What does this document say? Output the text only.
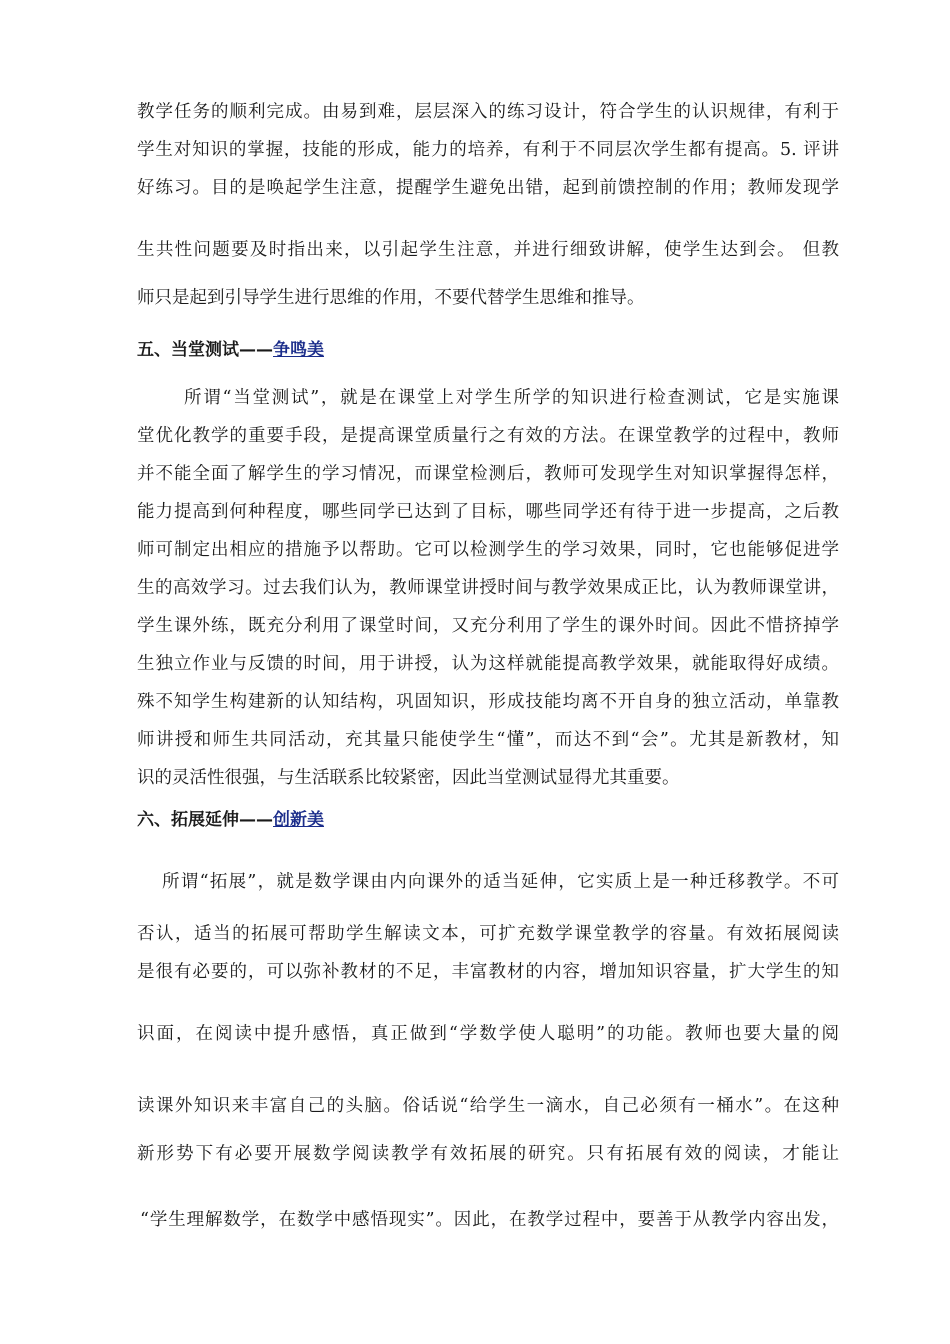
教学任务的顺利完成。由易到难，层层深入的练习设计，符合学生的认识规律，有利于
学生对知识的掌握，技能的形成，能力的培养，有利于不同层次学生都有提高。5. 评讲
好练习。目的是唤起学生注意，提醒学生避免出错，起到前馈控制的作用；教师发现学
生共性问题要及时指出来，以引起学生注意，并进行细致讲解，使学生达到会。 但教
师只是起到引导学生进行思维的作用，不要代替学生思维和推导。
五、当堂测试——争鸣美
所谓“当堂测试”，就是在课堂上对学生所学的知识进行检查测试，它是实施课
堂优化教学的重要手段，是提高课堂质量行之有效的方法。在课堂教学的过程中，教师
并不能全面了解学生的学习情况，而课堂检测后，教师可发现学生对知识掌握得怎样，
能力提高到何种程度，哪些同学已达到了目标，哪些同学还有待于进一步提高，之后教
师可制定出相应的措施予以帮助。它可以检测学生的学习效果，同时，它也能够促进学
生的高效学习。过去我们认为，教师课堂讲授时间与教学效果成正比，认为教师课堂讲，
学生课外练，既充分利用了课堂时间，又充分利用了学生的课外时间。因此不惜挤掉学
生独立作业与反馈的时间，用于讲授，认为这样就能提高教学效果，就能取得好成绩。
殊不知学生构建新的认知结构，巩固知识，形成技能均离不开自身的独立活动，单靠教
师讲授和师生共同活动，充其量只能使学生“懂”，而达不到“会”。尤其是新教材，知
识的灵活性很强，与生活联系比较紧密，因此当堂测试显得尤其重要。
六、拓展延伸——创新美
所谓“拓展”，就是数学课由内向课外的适当延伸，它实质上是一种迁移教学。不可
否认，适当的拓展可帮助学生解读文本，可扩充数学课堂教学的容量。有效拓展阅读
是很有必要的，可以弥补教材的不足，丰富教材的内容，增加知识容量，扩大学生的知
识面，在阅读中提升感悟，真正做到“学数学使人聪明”的功能。教师也要大量的阅
读课外知识来丰富自己的头脑。俗话说“给学生一滴水，自己必须有一桶水”。在这种
新形势下有必要开展数学阅读教学有效拓展的研究。只有拓展有效的阅读，才能让
“学生理解数学，在数学中感悟现实”。因此，在教学过程中，要善于从教学内容出发，
